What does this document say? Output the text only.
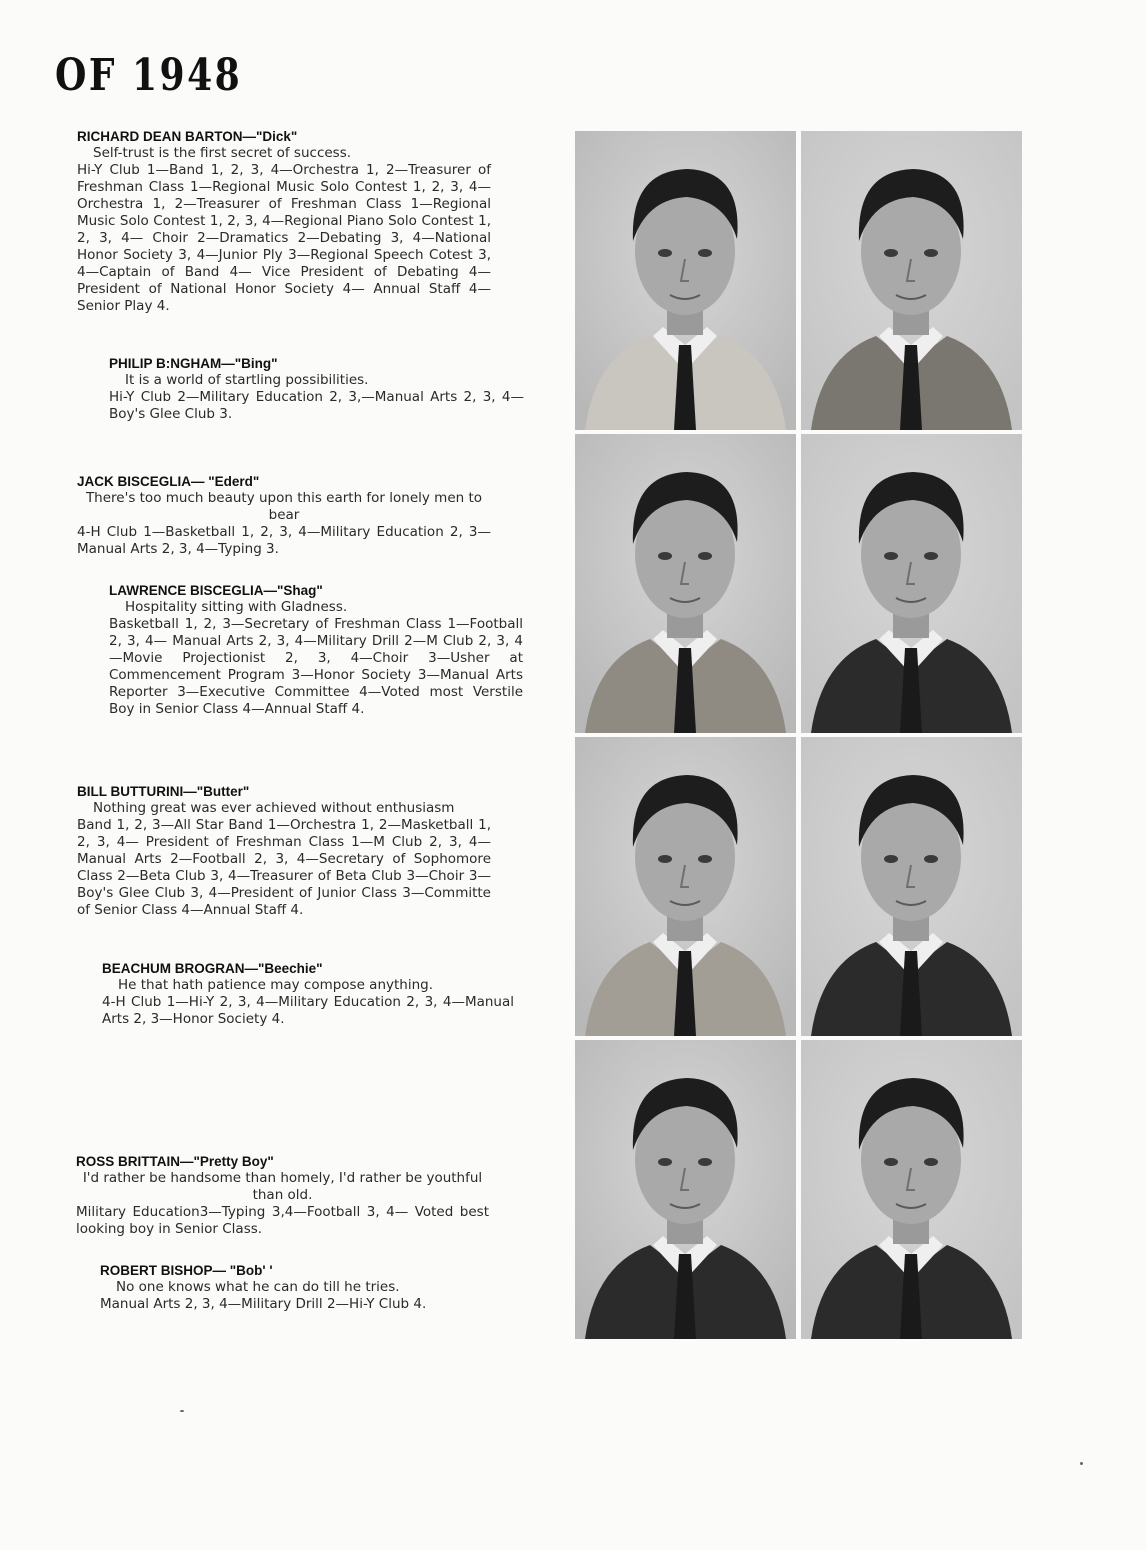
OF 1948
RICHARD DEAN BARTON—"Dick"
Self-trust is the first secret of success.
Hi-Y Club 1—Band 1, 2, 3, 4—Orchestra 1, 2—Treasurer of Freshman Class 1—Regional Music Solo Contest 1, 2, 3, 4—Orchestra 1, 2—Treasurer of Freshman Class 1—Regional Music Solo Contest 1, 2, 3, 4—Regional Piano Solo Contest 1, 2, 3, 4— Choir 2—Dramatics 2—Debating 3, 4—National Honor Society 3, 4—Junior Ply 3—Regional Speech Cotest 3, 4—Captain of Band 4— Vice President of Debating 4— President of National Honor Society 4— Annual Staff 4—Senior Play 4.
PHILIP B:NGHAM—"Bing"
It is a world of startling possibilities.
Hi-Y Club 2—Military Education 2, 3,—Manual Arts 2, 3, 4—Boy's Glee Club 3.
JACK BISCEGLIA— "Ederd"
There's too much beauty upon this earth for lonely men to bear
4-H Club 1—Basketball 1, 2, 3, 4—Military Education 2, 3—Manual Arts 2, 3, 4—Typing 3.
LAWRENCE BISCEGLIA—"Shag"
Hospitality sitting with Gladness.
Basketball 1, 2, 3—Secretary of Freshman Class 1—Football 2, 3, 4— Manual Arts 2, 3, 4—Military Drill 2—M Club 2, 3, 4—Movie Projectionist 2, 3, 4—Choir 3—Usher at Commencement Program 3—Honor Society 3—Manual Arts Reporter 3—Executive Committee 4—Voted most Verstile Boy in Senior Class 4—Annual Staff 4.
BILL BUTTURINI—"Butter"
Nothing great was ever achieved without enthusiasm
Band 1, 2, 3—All Star Band 1—Orchestra 1, 2—Masketball 1, 2, 3, 4— President of Freshman Class 1—M Club 2, 3, 4—Manual Arts 2—Football 2, 3, 4—Secretary of Sophomore Class 2—Beta Club 3, 4—Treasurer of Beta Club 3—Choir 3—Boy's Glee Club 3, 4—President of Junior Class 3—Committe of Senior Class 4—Annual Staff 4.
BEACHUM BROGRAN—"Beechie"
He that hath patience may compose anything.
4-H Club 1—Hi-Y 2, 3, 4—Military Education 2, 3, 4—Manual Arts 2, 3—Honor Society 4.
ROSS BRITTAIN—"Pretty Boy"
I'd rather be handsome than homely, I'd rather be youthful than old.
Military Education3—Typing 3,4—Football 3, 4— Voted best looking boy in Senior Class.
ROBERT BISHOP— "Bob' '
No one knows what he can do till he tries.
Manual Arts 2, 3, 4—Military Drill 2—Hi-Y Club 4.
